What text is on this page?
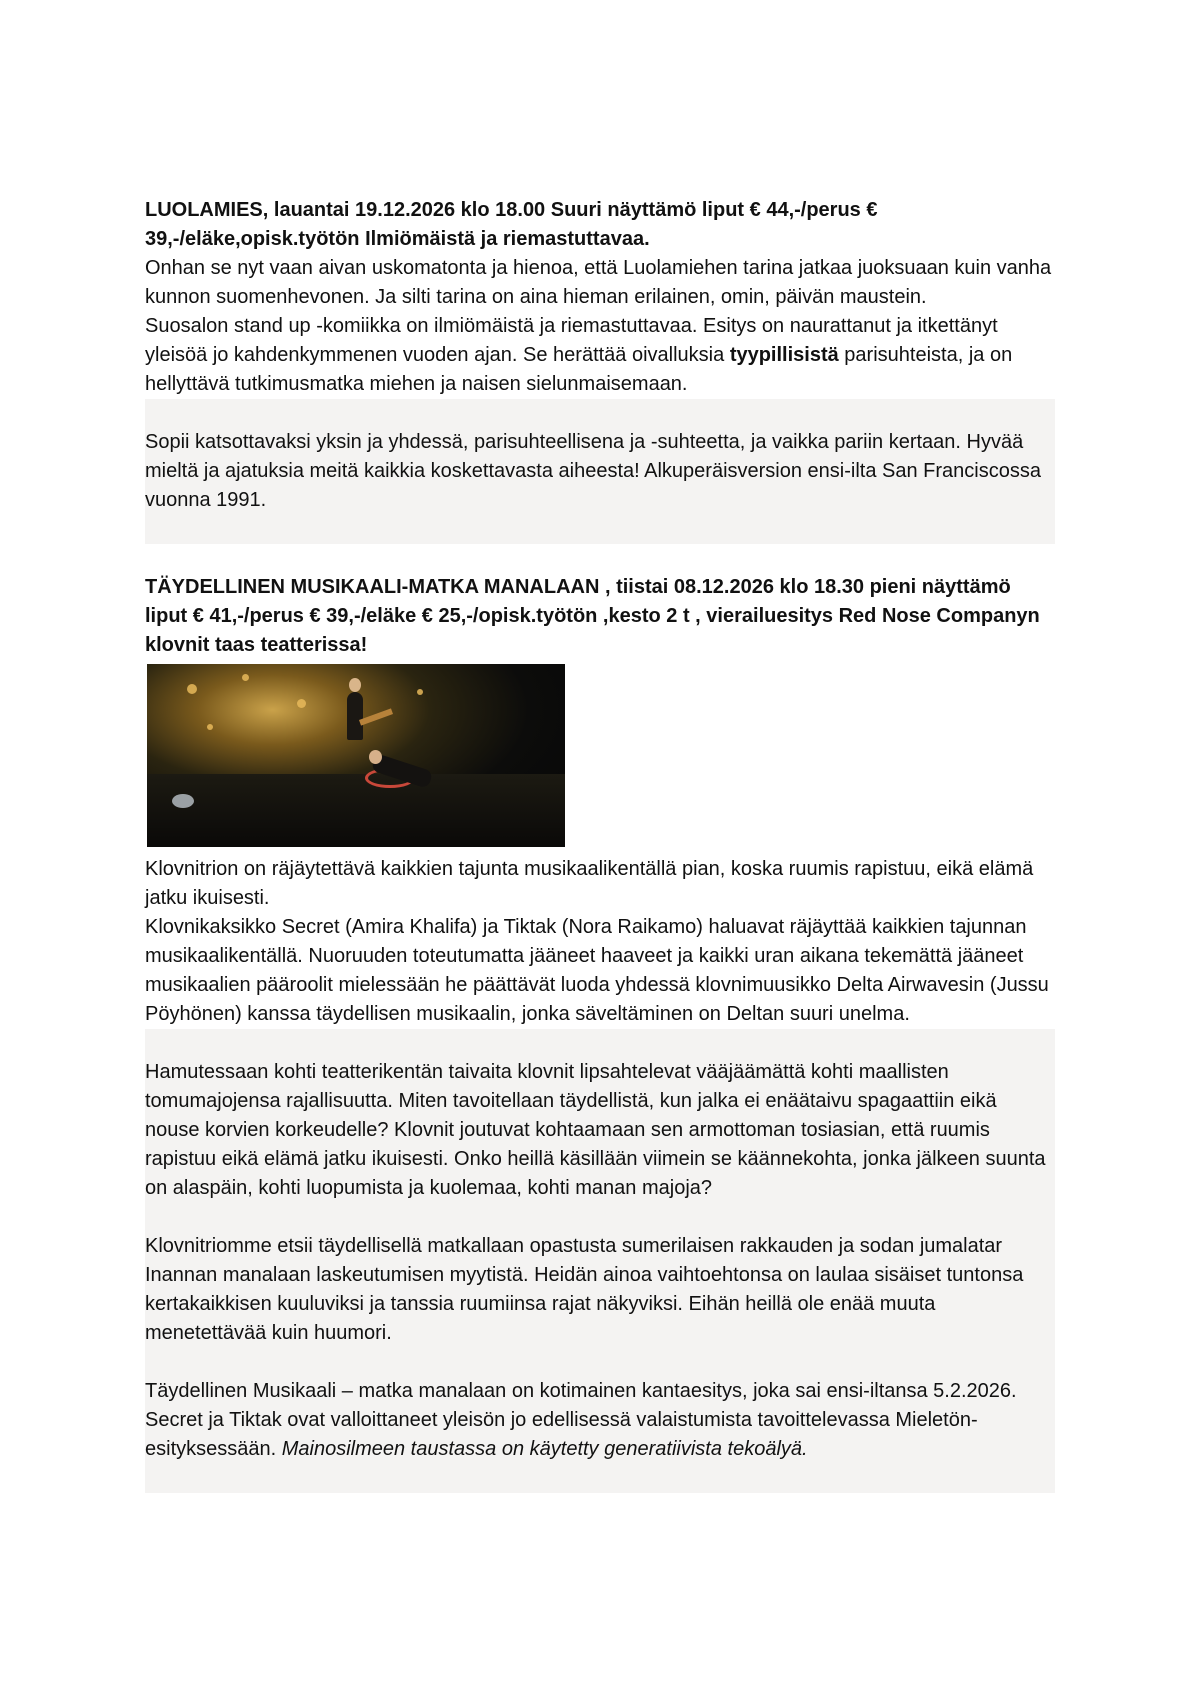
LUOLAMIES, lauantai 19.12.2026 klo 18.00 Suuri näyttämö liput € 44,-/perus € 39,-/eläke,opisk.työtön Ilmiömäistä ja riemastuttavaa.

Onhan se nyt vaan aivan uskomatonta ja hienoa, että Luolamiehen tarina jatkaa juoksuaan kuin vanha kunnon suomenhevonen. Ja silti tarina on aina hieman erilainen, omin, päivän maustein.

Suosalon stand up -komiikka on ilmiömäistä ja riemastuttavaa. Esitys on naurattanut ja itkettänyt yleisöä jo kahdenkymmenen vuoden ajan. Se herättää oivalluksia tyypillisistä parisuhteista, ja on hellyttävä tutkimusmatka miehen ja naisen sielunmaisemaan.

Sopii katsottavaksi yksin ja yhdessä, parisuhteellisena ja -suhteetta, ja vaikka pariin kertaan. Hyvää mieltä ja ajatuksia meitä kaikkia koskettavasta aiheesta! Alkuperäisversion ensi-ilta San Franciscossa vuonna 1991.

TÄYDELLINEN MUSIKAALI-MATKA MANALAAN , tiistai 08.12.2026 klo 18.30 pieni näyttämö liput € 41,-/perus € 39,-/eläke € 25,-/opisk.työtön ,kesto 2 t , vierailuesitys Red Nose Companyn klovnit taas teatterissa!

Klovnitrion on räjäytettävä kaikkien tajunta musikaalikentällä pian, koska ruumis rapistuu, eikä elämä jatku ikuisesti.

Klovnikaksikko Secret (Amira Khalifa) ja Tiktak (Nora Raikamo) haluavat räjäyttää kaikkien tajunnan musikaalikentällä. Nuoruuden toteutumatta jääneet haaveet ja kaikki uran aikana tekemättä jääneet musikaalien pääroolit mielessään he päättävät luoda yhdessä klovnimuusikko Delta Airwavesin (Jussu Pöyhönen) kanssa täydellisen musikaalin, jonka säveltäminen on Deltan suuri unelma.

Hamutessaan kohti teatterikentän taivaita klovnit lipsahtelevat vääjäämättä kohti maallisten tomumajojensa rajallisuutta. Miten tavoitellaan täydellistä, kun jalka ei enäätaivu spagaattiin eikä nouse korvien korkeudelle? Klovnit joutuvat kohtaamaan sen armottoman tosiasian, että ruumis rapistuu eikä elämä jatku ikuisesti. Onko heillä käsillään viimein se käännekohta, jonka jälkeen suunta on alaspäin, kohti luopumista ja kuolemaa, kohti manan majoja?

Klovnitriomme etsii täydellisellä matkallaan opastusta sumerilaisen rakkauden ja sodan jumalatar Inannan manalaan laskeutumisen myytistä. Heidän ainoa vaihtoehtonsa on laulaa sisäiset tuntonsa kertakaikkisen kuuluviksi ja tanssia ruumiinsa rajat näkyviksi. Eihän heillä ole enää muuta menetettävää kuin huumori.

Täydellinen Musikaali – matka manalaan on kotimainen kantaesitys, joka sai ensi-iltansa 5.2.2026. Secret ja Tiktak ovat valloittaneet yleisön jo edellisessä valaistumista tavoittelevassa Mieletön-esityksessään. Mainosilmeen taustassa on käytetty generatiivista tekoälyä.
